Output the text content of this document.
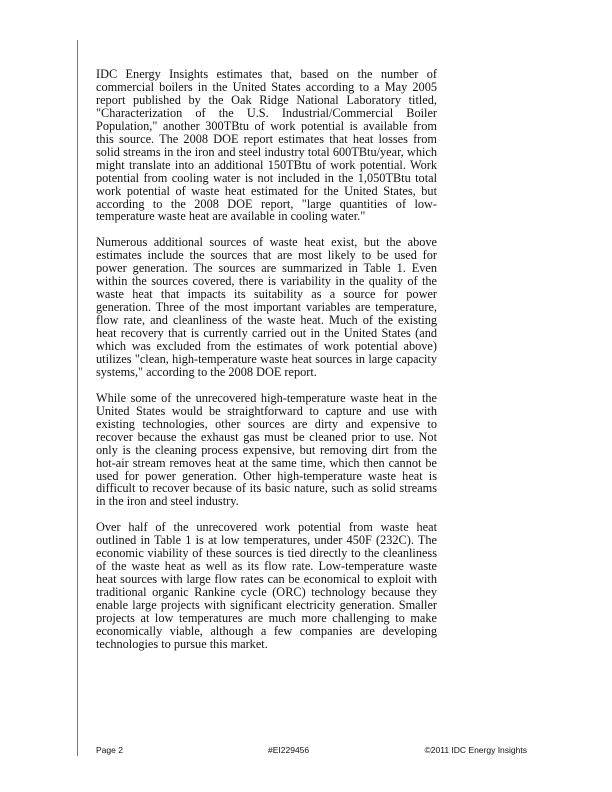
IDC Energy Insights estimates that, based on the number of commercial boilers in the United States according to a May 2005 report published by the Oak Ridge National Laboratory titled, "Characterization of the U.S. Industrial/Commercial Boiler Population," another 300TBtu of work potential is available from this source. The 2008 DOE report estimates that heat losses from solid streams in the iron and steel industry total 600TBtu/year, which might translate into an additional 150TBtu of work potential. Work potential from cooling water is not included in the 1,050TBtu total work potential of waste heat estimated for the United States, but according to the 2008 DOE report, "large quantities of low-temperature waste heat are available in cooling water."

Numerous additional sources of waste heat exist, but the above estimates include the sources that are most likely to be used for power generation. The sources are summarized in Table 1. Even within the sources covered, there is variability in the quality of the waste heat that impacts its suitability as a source for power generation. Three of the most important variables are temperature, flow rate, and cleanliness of the waste heat. Much of the existing heat recovery that is currently carried out in the United States (and which was excluded from the estimates of work potential above) utilizes "clean, high-temperature waste heat sources in large capacity systems," according to the 2008 DOE report.

While some of the unrecovered high-temperature waste heat in the United States would be straightforward to capture and use with existing technologies, other sources are dirty and expensive to recover because the exhaust gas must be cleaned prior to use. Not only is the cleaning process expensive, but removing dirt from the hot-air stream removes heat at the same time, which then cannot be used for power generation. Other high-temperature waste heat is difficult to recover because of its basic nature, such as solid streams in the iron and steel industry.

Over half of the unrecovered work potential from waste heat outlined in Table 1 is at low temperatures, under 450F (232C). The economic viability of these sources is tied directly to the cleanliness of the waste heat as well as its flow rate. Low-temperature waste heat sources with large flow rates can be economical to exploit with traditional organic Rankine cycle (ORC) technology because they enable large projects with significant electricity generation. Smaller projects at low temperatures are much more challenging to make economically viable, although a few companies are developing technologies to pursue this market.

Page 2	#EI229456	©2011 IDC Energy Insights
